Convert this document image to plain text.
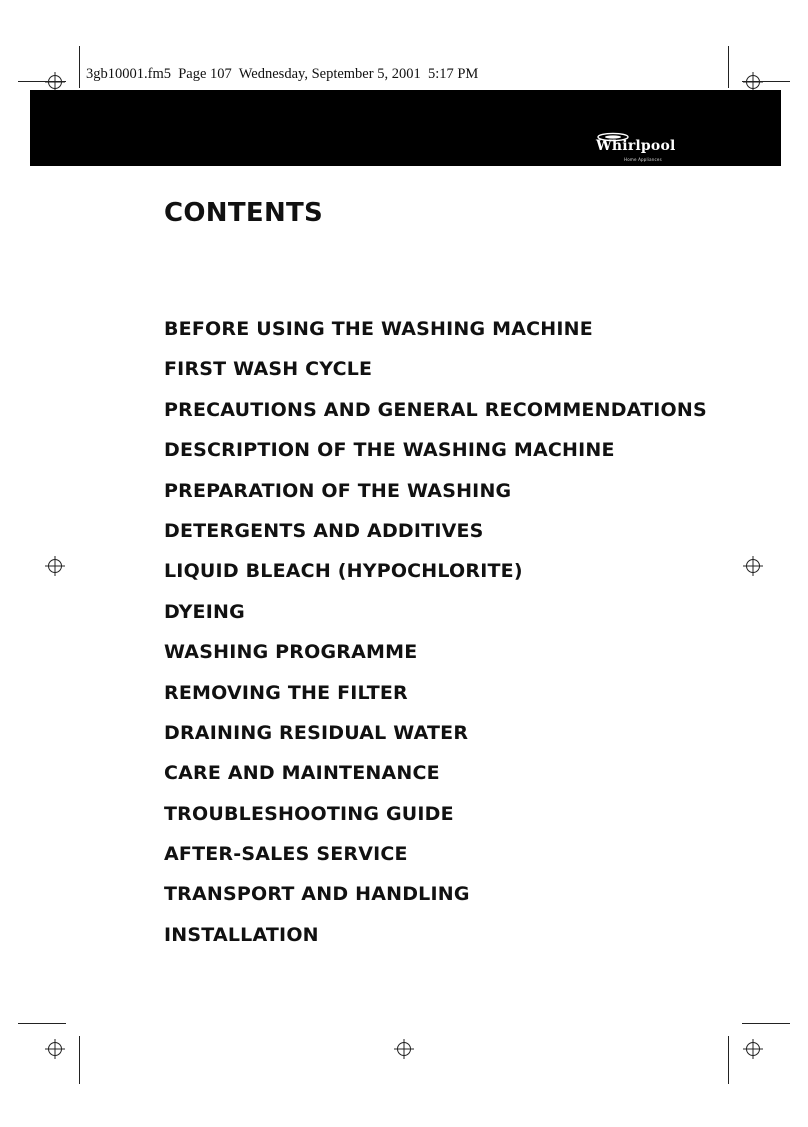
3gb10001.fm5  Page 107  Wednesday, September 5, 2001  5:17 PM
Whirlpool
Home Appliances
CONTENTS
BEFORE USING THE WASHING MACHINE
FIRST WASH CYCLE
PRECAUTIONS AND GENERAL RECOMMENDATIONS
DESCRIPTION OF THE WASHING MACHINE
PREPARATION OF THE WASHING
DETERGENTS AND ADDITIVES
LIQUID BLEACH (HYPOCHLORITE)
DYEING
WASHING PROGRAMME
REMOVING THE FILTER
DRAINING RESIDUAL WATER
CARE AND MAINTENANCE
TROUBLESHOOTING GUIDE
AFTER-SALES SERVICE
TRANSPORT AND HANDLING
INSTALLATION
